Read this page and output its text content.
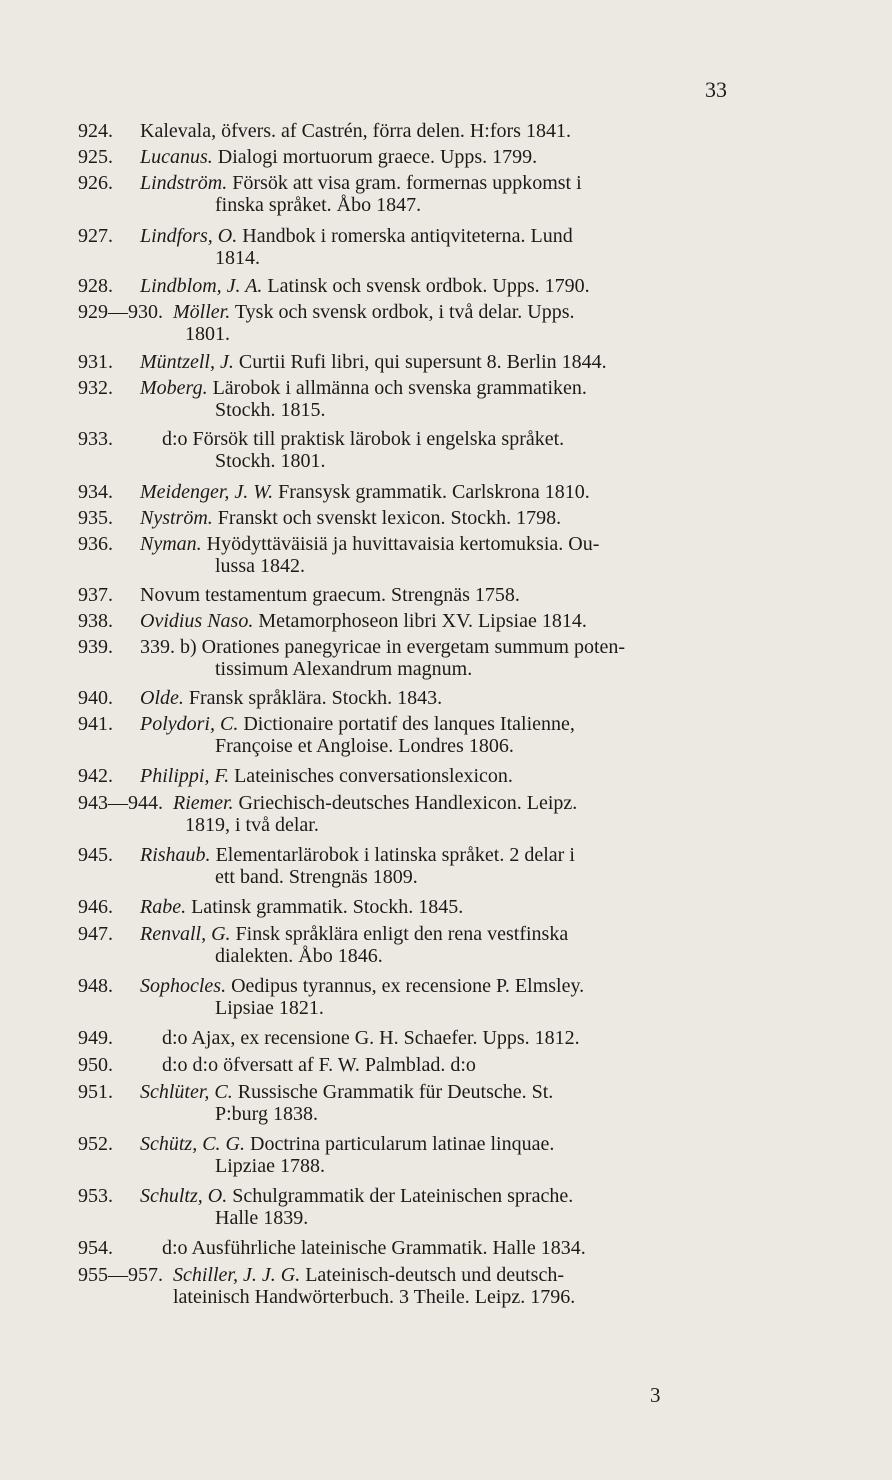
33
924.	Kalevala, öfvers. af Castrén, förra delen. H:fors 1841.
925.	Lucanus. Dialogi mortuorum graece. Upps. 1799.
926.	Lindström. Försök att visa gram. formernas uppkomst i
finska språket. Åbo 1847.
927.	Lindfors, O. Handbok i romerska antiqviteterna. Lund
1814.
928.	Lindblom, J. A. Latinsk och svensk ordbok. Upps. 1790.
929—930. Möller. Tysk och svensk ordbok, i två delar. Upps.
1801.
931.	Müntzell, J. Curtii Rufi libri, qui supersunt 8. Berlin 1844.
932.	Moberg. Lärobok i allmänna och svenska grammatiken.
Stockh. 1815.
933.	d:o Försök till praktisk lärobok i engelska språket.
Stockh. 1801.
934.	Meidenger, J. W. Fransysk grammatik. Carlskrona 1810.
935.	Nyström. Franskt och svenskt lexicon. Stockh. 1798.
936.	Nyman. Hyödyttäväisiä ja huvittavaisia kertomuksia. Ou-
lussa 1842.
937.	Novum testamentum graecum. Strengnäs 1758.
938.	Ovidius Naso. Metamorphoseon libri XV. Lipsiae 1814.
939.	339. b) Orationes panegyricae in evergetam summum poten-
tissimum Alexandrum magnum.
940.	Olde. Fransk språklära. Stockh. 1843.
941.	Polydori, C. Dictionaire portatif des lanques Italienne,
Françoise et Angloise. Londres 1806.
942.	Philippi, F. Lateinisches conversationslexicon.
943—944. Riemer. Griechisch-deutsches Handlexicon. Leipz.
1819, i två delar.
945.	Rishaub. Elementarlärobok i latinska språket. 2 delar i
ett band. Strengnäs 1809.
946.	Rabe. Latinsk grammatik. Stockh. 1845.
947.	Renvall, G. Finsk språklära enligt den rena vestfinska
dialekten. Åbo 1846.
948.	Sophocles. Oedipus tyrannus, ex recensione P. Elmsley.
Lipsiae 1821.
949.	d:o Ajax, ex recensione G. H. Schaefer. Upps. 1812.
950.	d:o d:o öfversatt af F. W. Palmblad. d:o
951.	Schlüter, C. Russische Grammatik für Deutsche. St.
P:burg 1838.
952.	Schütz, C. G. Doctrina particularum latinae linquae.
Lipziae 1788.
953.	Schultz, O. Schulgrammatik der Lateinischen sprache.
Halle 1839.
954.	d:o Ausführliche lateinische Grammatik. Halle 1834.
955—957. Schiller, J. J. G. Lateinisch-deutsch und deutsch-
lateinisch Handwörterbuch. 3 Theile. Leipz. 1796.
3
